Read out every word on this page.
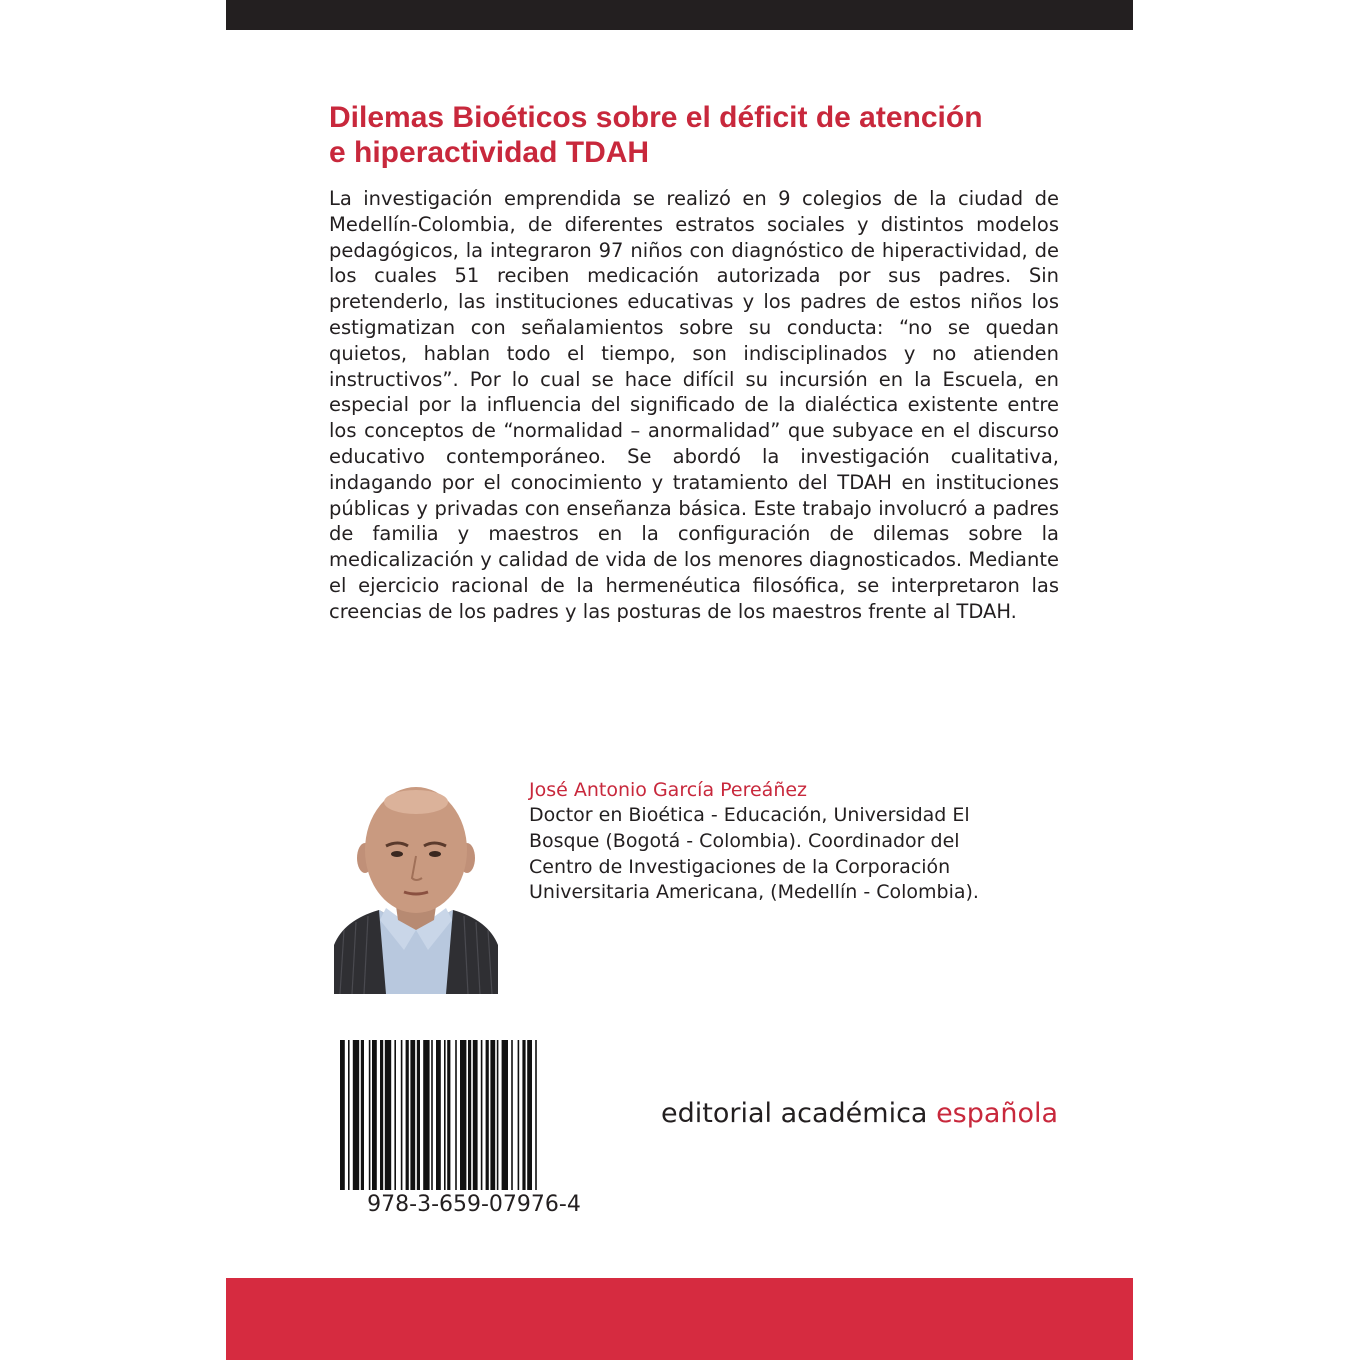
Dilemas Bioéticos sobre el déficit de atención
e hiperactividad TDAH

La investigación emprendida se realizó en 9 colegios de la ciudad de Medellín-Colombia, de diferentes estratos sociales y distintos modelos pedagógicos, la integraron 97 niños con diagnóstico de hiperactividad, de los cuales 51 reciben medicación autorizada por sus padres. Sin pretenderlo, las instituciones educativas y los padres de estos niños los estigmatizan con señalamientos sobre su conducta: “no se quedan quietos, hablan todo el tiempo, son indisciplinados y no atienden instructivos”. Por lo cual se hace difícil su incursión en la Escuela, en especial por la influencia del significado de la dialéctica existente entre los conceptos de “normalidad – anormalidad” que subyace en el discurso educativo contemporáneo. Se abordó la investigación cualitativa, indagando por el conocimiento y tratamiento del TDAH en instituciones públicas y privadas con enseñanza básica. Este trabajo involucró a padres de familia y maestros en la configuración de dilemas sobre la medicalización y calidad de vida de los menores diagnosticados. Mediante el ejercicio racional de la hermenéutica filosófica, se interpretaron las creencias de los padres y las posturas de los maestros frente al TDAH.

José Antonio García Pereáñez

Doctor en Bioética - Educación, Universidad El
Bosque (Bogotá - Colombia). Coordinador del
Centro de Investigaciones de la Corporación
Universitaria Americana, (Medellín - Colombia).

978-3-659-07976-4
editorial académica española
